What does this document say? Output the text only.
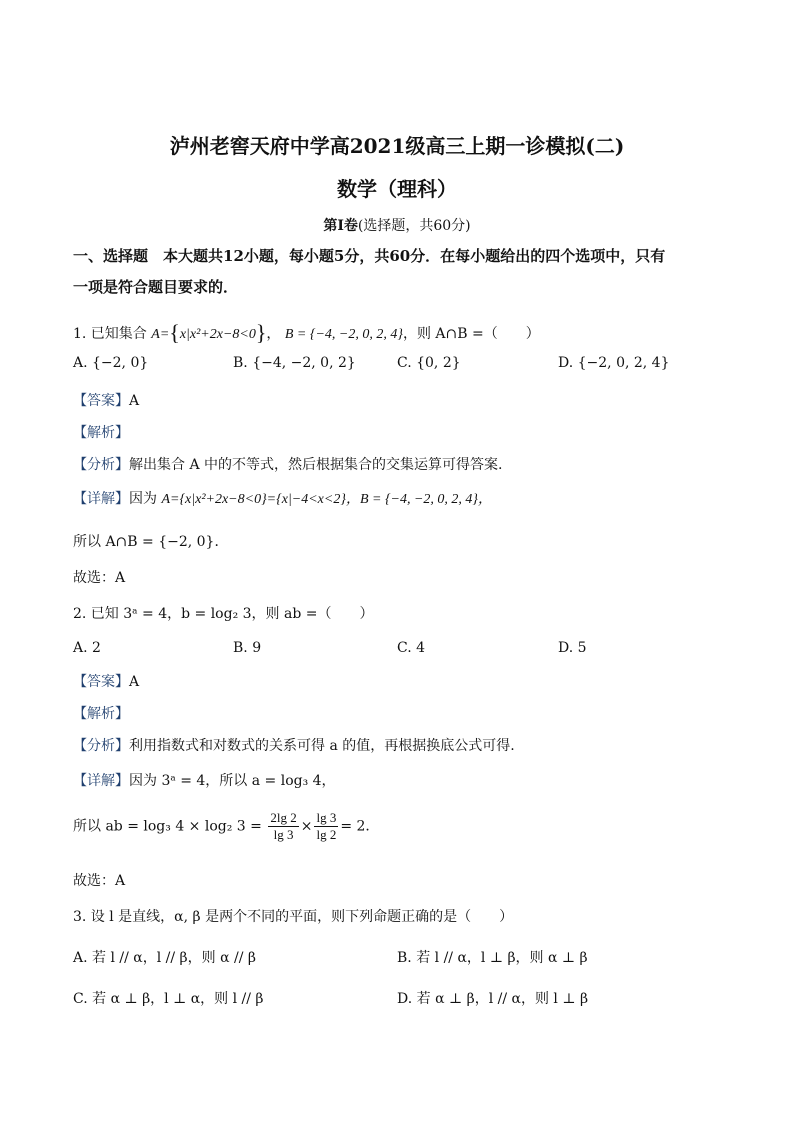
泸州老窖天府中学高2021级高三上期一诊模拟(二)
数学（理科）
第Ⅰ卷(选择题，共60分)
一、选择题　本大题共12小题，每小题5分，共60分．在每小题给出的四个选项中，只有
一项是符合题目要求的．
1. 已知集合 A={x|x²+2x−8<0}， B = {−4, −2, 0, 2, 4}，则 A∩B =（　　）
A. {−2, 0}	B. {−4, −2, 0, 2}	C. {0, 2}	D. {−2, 0, 2, 4}
【答案】A
【解析】
【分析】解出集合 A 中的不等式，然后根据集合的交集运算可得答案.
【详解】因为 A={x|x²+2x−8<0}={x|−4<x<2}，B = {−4, −2, 0, 2, 4}，
所以 A∩B = {−2, 0}．
故选：A
2. 已知 3ᵃ = 4，b = log₂ 3，则 ab =（　　）
A. 2	B. 9	C. 4	D. 5
【答案】A
【解析】
【分析】利用指数式和对数式的关系可得 a 的值，再根据换底公式可得.
【详解】因为 3ᵃ = 4，所以 a = log₃ 4，
所以 ab = log₃ 4 × log₂ $3 = \frac{2\lg 2}{\lg 3} \times \frac{\lg 3}{\lg 2} = 2$．
故选：A
3. 设 l 是直线，α, β 是两个不同的平面，则下列命题正确的是（　　）
A. 若 l // α，l // β，则 α // β	B. 若 l // α，l ⊥ β，则 α ⊥ β
C. 若 α ⊥ β，l ⊥ α，则 l // β	D. 若 α ⊥ β，l // α，则 l ⊥ β
